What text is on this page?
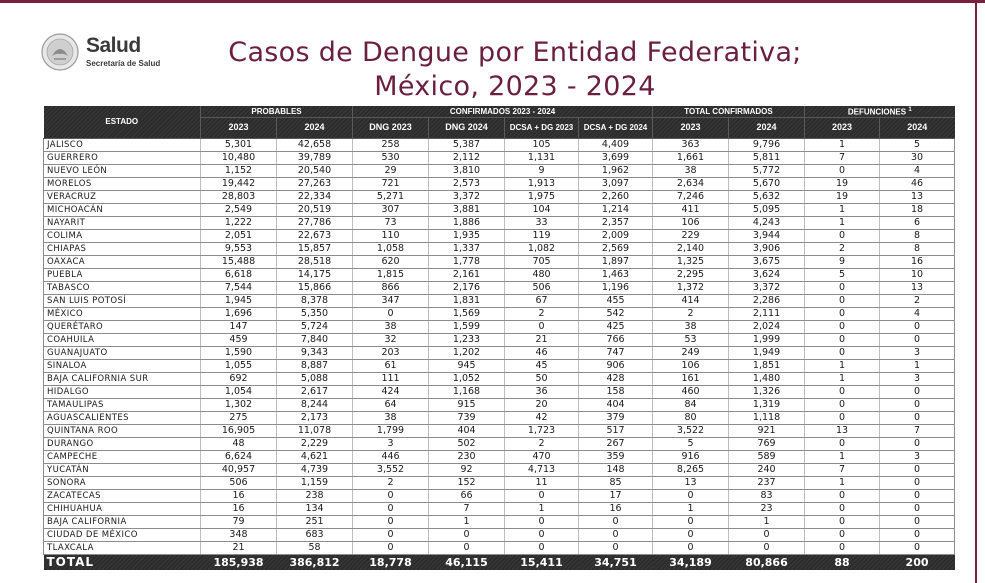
Salud
Secretaría de Salud	Casos de Dengue por Entidad Federativa;
México, 2023 - 2024
ESTADO	PROBABLES		CONFIRMADOS 2023 - 2024				TOTAL CONFIRMADOS		DEFUNCIONES $^1$
	2023	2024	DNG 2023	DNG 2024	DCSA + DG 2023	DCSA + DG 2024	2023	2024	2023	2024
JALISCO	5,301	42,658	258	5,387	105	4,409	363	9,796	1	5
GUERRERO	10,480	39,789	530	2,112	1,131	3,699	1,661	5,811	7	30
NUEVO LEÓN	1,152	20,540	29	3,810	9	1,962	38	5,772	0	4
MORELOS	19,442	27,263	721	2,573	1,913	3,097	2,634	5,670	19	46
VERACRUZ	28,803	22,334	5,271	3,372	1,975	2,260	7,246	5,632	19	13
MICHOACÁN	2,549	20,519	307	3,881	104	1,214	411	5,095	1	18
NAYARIT	1,222	27,786	73	1,886	33	2,357	106	4,243	1	6
COLIMA	2,051	22,673	110	1,935	119	2,009	229	3,944	0	8
CHIAPAS	9,553	15,857	1,058	1,337	1,082	2,569	2,140	3,906	2	8
OAXACA	15,488	28,518	620	1,778	705	1,897	1,325	3,675	9	16
PUEBLA	6,618	14,175	1,815	2,161	480	1,463	2,295	3,624	5	10
TABASCO	7,544	15,866	866	2,176	506	1,196	1,372	3,372	0	13
SAN LUIS POTOSÍ	1,945	8,378	347	1,831	67	455	414	2,286	0	2
MÉXICO	1,696	5,350	0	1,569	2	542	2	2,111	0	4
QUERÉTARO	147	5,724	38	1,599	0	425	38	2,024	0	0
COAHUILA	459	7,840	32	1,233	21	766	53	1,999	0	0
GUANAJUATO	1,590	9,343	203	1,202	46	747	249	1,949	0	3
SINALOA	1,055	8,887	61	945	45	906	106	1,851	1	1
BAJA CALIFORNIA SUR	692	5,088	111	1,052	50	428	161	1,480	1	3
HIDALGO	1,054	2,617	424	1,168	36	158	460	1,326	0	0
TAMAULIPAS	1,302	8,244	64	915	20	404	84	1,319	0	0
AGUASCALIENTES	275	2,173	38	739	42	379	80	1,118	0	0
QUINTANA ROO	16,905	11,078	1,799	404	1,723	517	3,522	921	13	7
DURANGO	48	2,229	3	502	2	267	5	769	0	0
CAMPECHE	6,624	4,621	446	230	470	359	916	589	1	3
YUCATÁN	40,957	4,739	3,552	92	4,713	148	8,265	240	7	0
SONORA	506	1,159	2	152	11	85	13	237	1	0
ZACATECAS	16	238	0	66	0	17	0	83	0	0
CHIHUAHUA	16	134	0	7	1	16	1	23	0	0
BAJA CALIFORNIA	79	251	0	1	0	0	0	1	0	0
CIUDAD DE MÉXICO	348	683	0	0	0	0	0	0	0	0
TLAXCALA	21	58	0	0	0	0	0	0	0	0
TOTAL	185,938	386,812	18,778	46,115	15,411	34,751	34,189	80,866	88	200
